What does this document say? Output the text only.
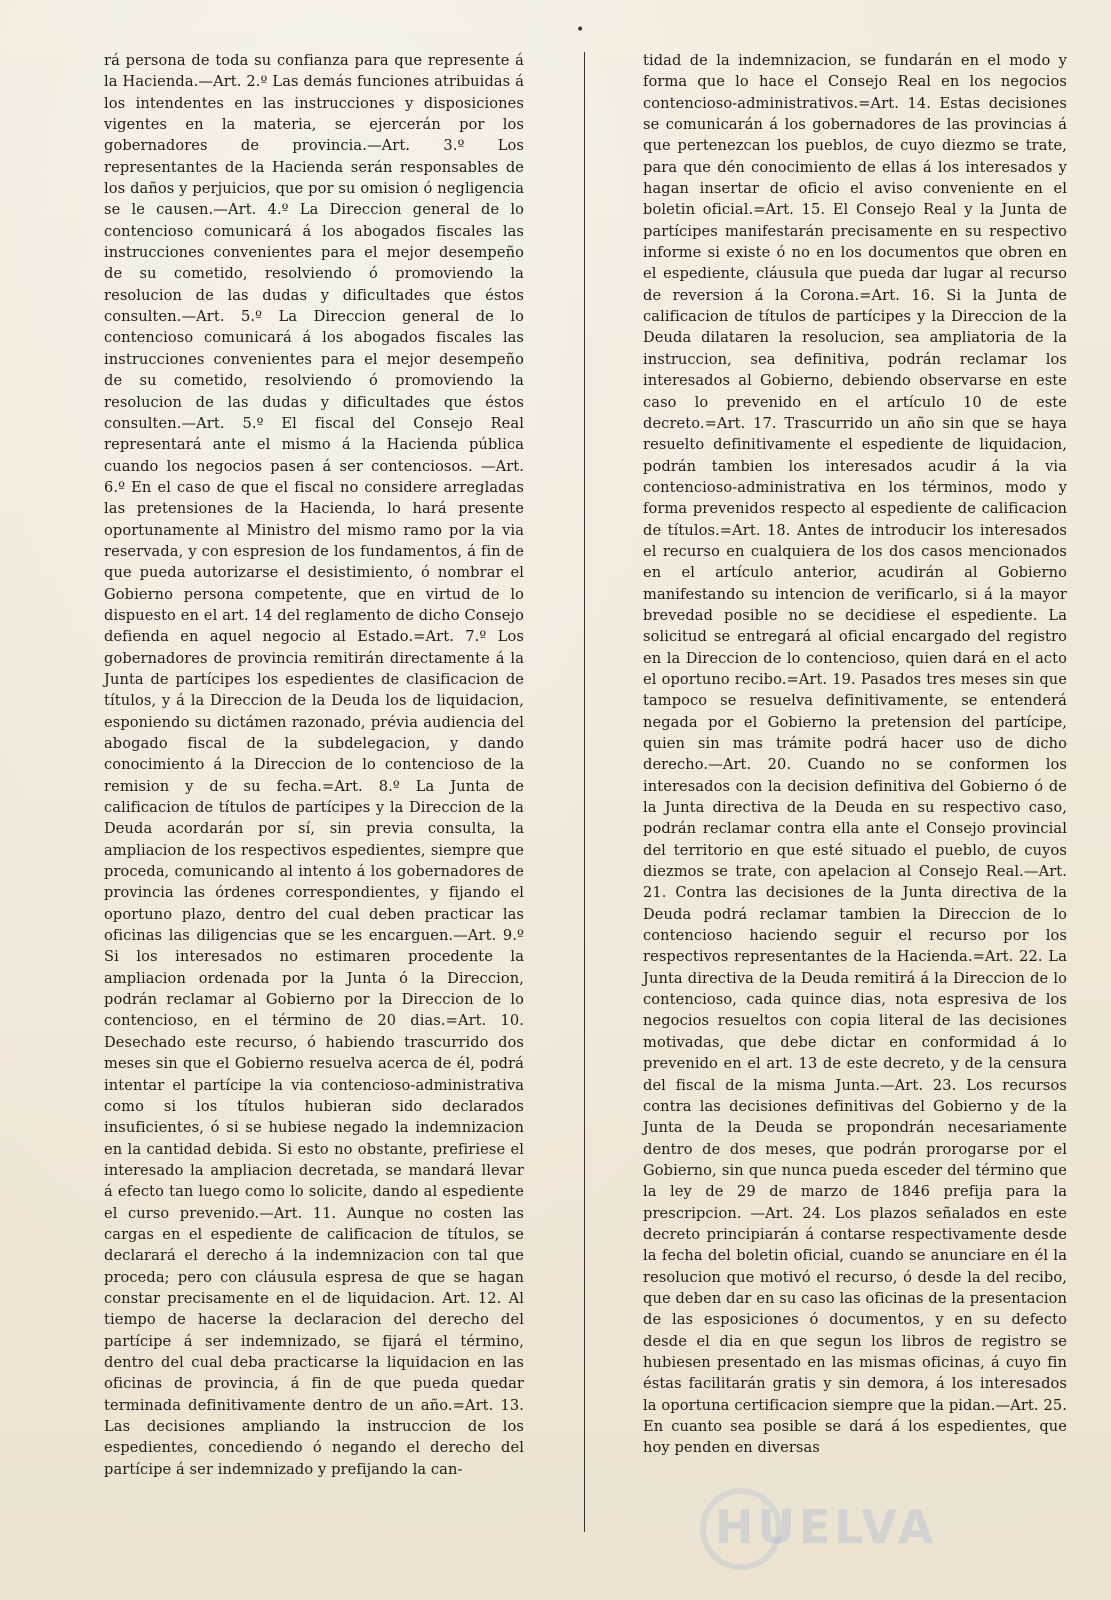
•
rá persona de toda su confianza para que represente á la Hacienda.—Art. 2.º Las demás funciones atribuidas á los intendentes en las instrucciones y disposiciones vigentes en la materia, se ejercerán por los gobernadores de provincia.—Art. 3.º Los representantes de la Hacienda serán responsables de los daños y perjuicios, que por su omision ó negligencia se le causen.—Art. 4.º La Direccion general de lo contencioso comunicará á los abogados fiscales las instrucciones convenientes para el mejor desempeño de su cometido, resolviendo ó promoviendo la resolucion de las dudas y dificultades que éstos consulten.—Art. 5.º La Direccion general de lo contencioso comunicará á los abogados fiscales las instrucciones convenientes para el mejor desempeño de su cometido, resolviendo ó promoviendo la resolucion de las dudas y dificultades que éstos consulten.—Art. 5.º El fiscal del Consejo Real representará ante el mismo á la Hacienda pública cuando los negocios pasen á ser contenciosos. —Art. 6.º En el caso de que el fiscal no considere arregladas las pretensiones de la Hacienda, lo hará presente oportunamente al Ministro del mismo ramo por la via reservada, y con espresion de los fundamentos, á fin de que pueda autorizarse el desistimiento, ó nombrar el Gobierno persona competente, que en virtud de lo dispuesto en el art. 14 del reglamento de dicho Consejo defienda en aquel negocio al Estado.=Art. 7.º Los gobernadores de provincia remitirán directamente á la Junta de partícipes los espedientes de clasificacion de títulos, y á la Direccion de la Deuda los de liquidacion, esponiendo su dictámen razonado, prévia audiencia del abogado fiscal de la subdelegacion, y dando conocimiento á la Direccion de lo contencioso de la remision y de su fecha.=Art. 8.º La Junta de calificacion de títulos de partícipes y la Direccion de la Deuda acordarán por sí, sin previa consulta, la ampliacion de los respectivos espedientes, siempre que proceda, comunicando al intento á los gobernadores de provincia las órdenes correspondientes, y fijando el oportuno plazo, dentro del cual deben practicar las oficinas las diligencias que se les encarguen.—Art. 9.º Si los interesados no estimaren procedente la ampliacion ordenada por la Junta ó la Direccion, podrán reclamar al Gobierno por la Direccion de lo contencioso, en el término de 20 dias.=Art. 10. Desechado este recurso, ó habiendo trascurrido dos meses sin que el Gobierno resuelva acerca de él, podrá intentar el partícipe la via contencioso-administrativa como si los títulos hubieran sido declarados insuficientes, ó si se hubiese negado la indemnizacion en la cantidad debida. Si esto no obstante, prefiriese el interesado la ampliacion decretada, se mandará llevar á efecto tan luego como lo solicite, dando al espediente el curso prevenido.—Art. 11. Aunque no costen las cargas en el espediente de calificacion de títulos, se declarará el derecho á la indemnizacion con tal que proceda; pero con cláusula espresa de que se hagan constar precisamente en el de liquidacion. Art. 12. Al tiempo de hacerse la declaracion del derecho del partícipe á ser indemnizado, se fijará el término, dentro del cual deba practicarse la liquidacion en las oficinas de provincia, á fin de que pueda quedar terminada definitivamente dentro de un año.=Art. 13. Las decisiones ampliando la instruccion de los espedientes, concediendo ó negando el derecho del partícipe á ser indemnizado y prefijando la can-
tidad de la indemnizacion, se fundarán en el modo y forma que lo hace el Consejo Real en los negocios contencioso-administrativos.=Art. 14. Estas decisiones se comunicarán á los gobernadores de las provincias á que pertenezcan los pueblos, de cuyo diezmo se trate, para que dén conocimiento de ellas á los interesados y hagan insertar de oficio el aviso conveniente en el boletin oficial.=Art. 15. El Consejo Real y la Junta de partícipes manifestarán precisamente en su respectivo informe si existe ó no en los documentos que obren en el espediente, cláusula que pueda dar lugar al recurso de reversion á la Corona.=Art. 16. Si la Junta de calificacion de títulos de partícipes y la Direccion de la Deuda dilataren la resolucion, sea ampliatoria de la instruccion, sea definitiva, podrán reclamar los interesados al Gobierno, debiendo observarse en este caso lo prevenido en el artículo 10 de este decreto.=Art. 17. Trascurrido un año sin que se haya resuelto definitivamente el espediente de liquidacion, podrán tambien los interesados acudir á la via contencioso-administrativa en los términos, modo y forma prevenidos respecto al espediente de calificacion de títulos.=Art. 18. Antes de introducir los interesados el recurso en cualquiera de los dos casos mencionados en el artículo anterior, acudirán al Gobierno manifestando su intencion de verificarlo, si á la mayor brevedad posible no se decidiese el espediente. La solicitud se entregará al oficial encargado del registro en la Direccion de lo contencioso, quien dará en el acto el oportuno recibo.=Art. 19. Pasados tres meses sin que tampoco se resuelva definitivamente, se entenderá negada por el Gobierno la pretension del partícipe, quien sin mas trámite podrá hacer uso de dicho derecho.—Art. 20. Cuando no se conformen los interesados con la decision definitiva del Gobierno ó de la Junta directiva de la Deuda en su respectivo caso, podrán reclamar contra ella ante el Consejo provincial del territorio en que esté situado el pueblo, de cuyos diezmos se trate, con apelacion al Consejo Real.—Art. 21. Contra las decisiones de la Junta directiva de la Deuda podrá reclamar tambien la Direccion de lo contencioso haciendo seguir el recurso por los respectivos representantes de la Hacienda.=Art. 22. La Junta directiva de la Deuda remitirá á la Direccion de lo contencioso, cada quince dias, nota espresiva de los negocios resueltos con copia literal de las decisiones motivadas, que debe dictar en conformidad á lo prevenido en el art. 13 de este decreto, y de la censura del fiscal de la misma Junta.—Art. 23. Los recursos contra las decisiones definitivas del Gobierno y de la Junta de la Deuda se propondrán necesariamente dentro de dos meses, que podrán prorogarse por el Gobierno, sin que nunca pueda esceder del término que la ley de 29 de marzo de 1846 prefija para la prescripcion. —Art. 24. Los plazos señalados en este decreto principiarán á contarse respectivamente desde la fecha del boletin oficial, cuando se anunciare en él la resolucion que motivó el recurso, ó desde la del recibo, que deben dar en su caso las oficinas de la presentacion de las esposiciones ó documentos, y en su defecto desde el dia en que segun los libros de registro se hubiesen presentado en las mismas oficinas, á cuyo fin éstas facilitarán gratis y sin demora, á los interesados la oportuna certificacion siempre que la pidan.—Art. 25. En cuanto sea posible se dará á los espedientes, que hoy penden en diversas
HUELVA
